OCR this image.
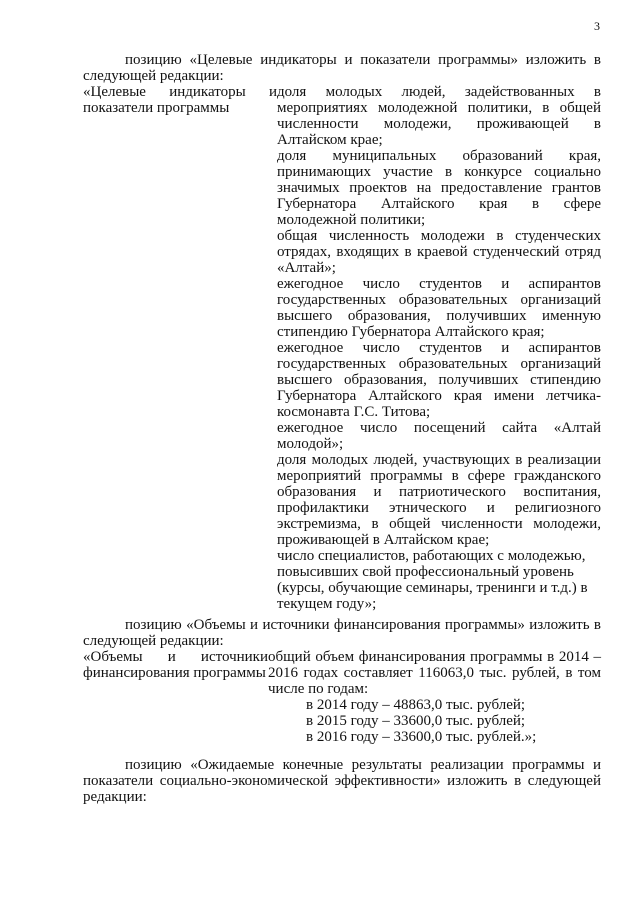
3

позицию «Целевые индикаторы и показатели программы» изложить в следующей редакции:

«Целевые индикаторы и показатели программы

доля молодых людей, задействованных в мероприятиях молодежной политики, в общей численности молодежи, проживающей в Алтайском крае;

доля муниципальных образований края, принимающих участие в конкурсе социально значимых проектов на предоставление грантов Губернатора Алтайского края в сфере молодежной политики;

общая численность молодежи в студенческих отрядах, входящих в краевой студенческий отряд «Алтай»;

ежегодное число студентов и аспирантов государственных образовательных организаций высшего образования, получивших именную стипендию Губернатора Алтайского края;

ежегодное число студентов и аспирантов государственных образовательных организаций высшего образования, получивших стипендию Губернатора Алтайского края имени летчика-космонавта Г.С. Титова;

ежегодное число посещений сайта «Алтай молодой»;

доля молодых людей, участвующих в реализации мероприятий программы в сфере гражданского образования и патриотического воспитания, профилактики этнического и религиозного экстремизма, в общей численности молодежи, проживающей в Алтайском крае;

число специалистов, работающих с молодежью, повысивших свой профессиональный уровень (курсы, обучающие семинары, тренинги и т.д.) в текущем году»;

позицию «Объемы и источники финансирования программы» изложить в следующей редакции:

«Объемы и источники финансирования программы

общий объем финансирования программы в 2014 – 2016 годах составляет 116063,0 тыс. рублей, в том числе по годам:

в 2014 году – 48863,0 тыс. рублей;

в 2015 году – 33600,0 тыс. рублей;

в 2016 году – 33600,0 тыс. рублей.»;

позицию «Ожидаемые конечные результаты реализации программы и показатели социально-экономической эффективности» изложить в следующей редакции:
